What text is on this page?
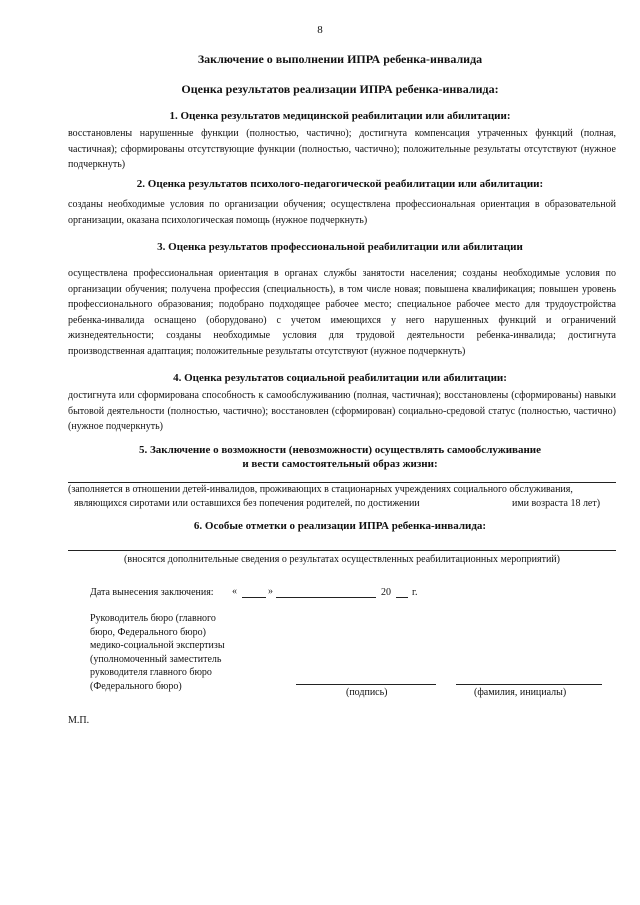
8
Заключение о выполнении ИПРА ребенка-инвалида
Оценка результатов реализации ИПРА ребенка-инвалида:
1. Оценка результатов медицинской реабилитации или абилитации:

восстановлены нарушенные функции (полностью, частично); достигнута компенсация утраченных функций (полная, частичная); сформированы отсутствующие функции (полностью, частично); положительные результаты отсутствуют (нужное подчеркнуть)

2. Оценка результатов психолого-педагогической реабилитации или абилитации:

созданы необходимые условия по организации обучения; осуществлена профессиональная ориентация в образовательной организации, оказана психологическая помощь (нужное подчеркнуть)

3. Оценка результатов профессиональной реабилитации или абилитации

осуществлена профессиональная ориентация в органах службы занятости населения; созданы необходимые условия по организации обучения; получена профессия (специальность), в том числе новая; повышена квалификация; повышен уровень профессионального образования; подобрано подходящее рабочее место; специальное рабочее место для трудоустройства ребенка-инвалида оснащено (оборудовано) с учетом имеющихся у него нарушенных функций и ограничений жизнедеятельности; созданы необходимые условия для трудовой деятельности ребенка-инвалида; достигнута производственная адаптация; положительные результаты отсутствуют (нужное подчеркнуть)

4. Оценка результатов социальной реабилитации или абилитации:

достигнута или сформирована способность к самообслуживанию (полная, частичная); восстановлены (сформированы) навыки бытовой деятельности (полностью, частично); восстановлен (сформирован) социально-средовой статус (полностью, частично) (нужное подчеркнуть)

5. Заключение о возможности (невозможности) осуществлять самообслуживание
и вести самостоятельный образ жизни:
(заполняется в отношении детей-инвалидов, проживающих в стационарных учреждениях социального обслуживания,
являющихся сиротами или оставшихся без попечения родителей, по достижении	ими возраста 18 лет)
6. Особые отметки о реализации ИПРА ребенка-инвалида:
(вносятся дополнительные сведения о результатах осуществленных реабилитационных мероприятий)
Дата вынесения заключения: «	»	20 г.
Руководитель бюро (главного
бюро, Федерального бюро)
медико-социальной экспертизы
(уполномоченный заместитель
руководителя главного бюро
(Федерального бюро)
(подпись)	(фамилия, инициалы)
М.П.
